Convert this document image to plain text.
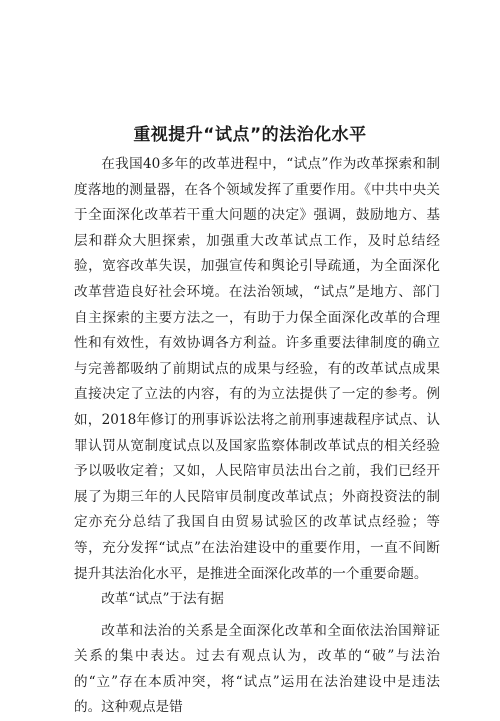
重视提升“试点”的法治化水平

在我国40多年的改革进程中，“试点”作为改革探索和制度落地的测量器，在各个领域发挥了重要作用。《中共中央关于全面深化改革若干重大问题的决定》强调，鼓励地方、基层和群众大胆探索，加强重大改革试点工作，及时总结经验，宽容改革失误，加强宣传和舆论引导疏通，为全面深化改革营造良好社会环境。在法治领域，“试点”是地方、部门自主探索的主要方法之一，有助于力保全面深化改革的合理性和有效性，有效协调各方利益。许多重要法律制度的确立与完善都吸纳了前期试点的成果与经验，有的改革试点成果直接决定了立法的内容，有的为立法提供了一定的参考。例如，2018年修订的刑事诉讼法将之前刑事速裁程序试点、认罪认罚从宽制度试点以及国家监察体制改革试点的相关经验予以吸收定着；又如，人民陪审员法出台之前，我们已经开展了为期三年的人民陪审员制度改革试点；外商投资法的制定亦充分总结了我国自由贸易试验区的改革试点经验；等等，充分发挥“试点”在法治建设中的重要作用，一直不间断提升其法治化水平，是推进全面深化改革的一个重要命题。

改革“试点”于法有据

改革和法治的关系是全面深化改革和全面依法治国辩证关系的集中表达。过去有观点认为，改革的“破”与法治的“立”存在本质冲突，将“试点”运用在法治建设中是违法的。这种观点是错
